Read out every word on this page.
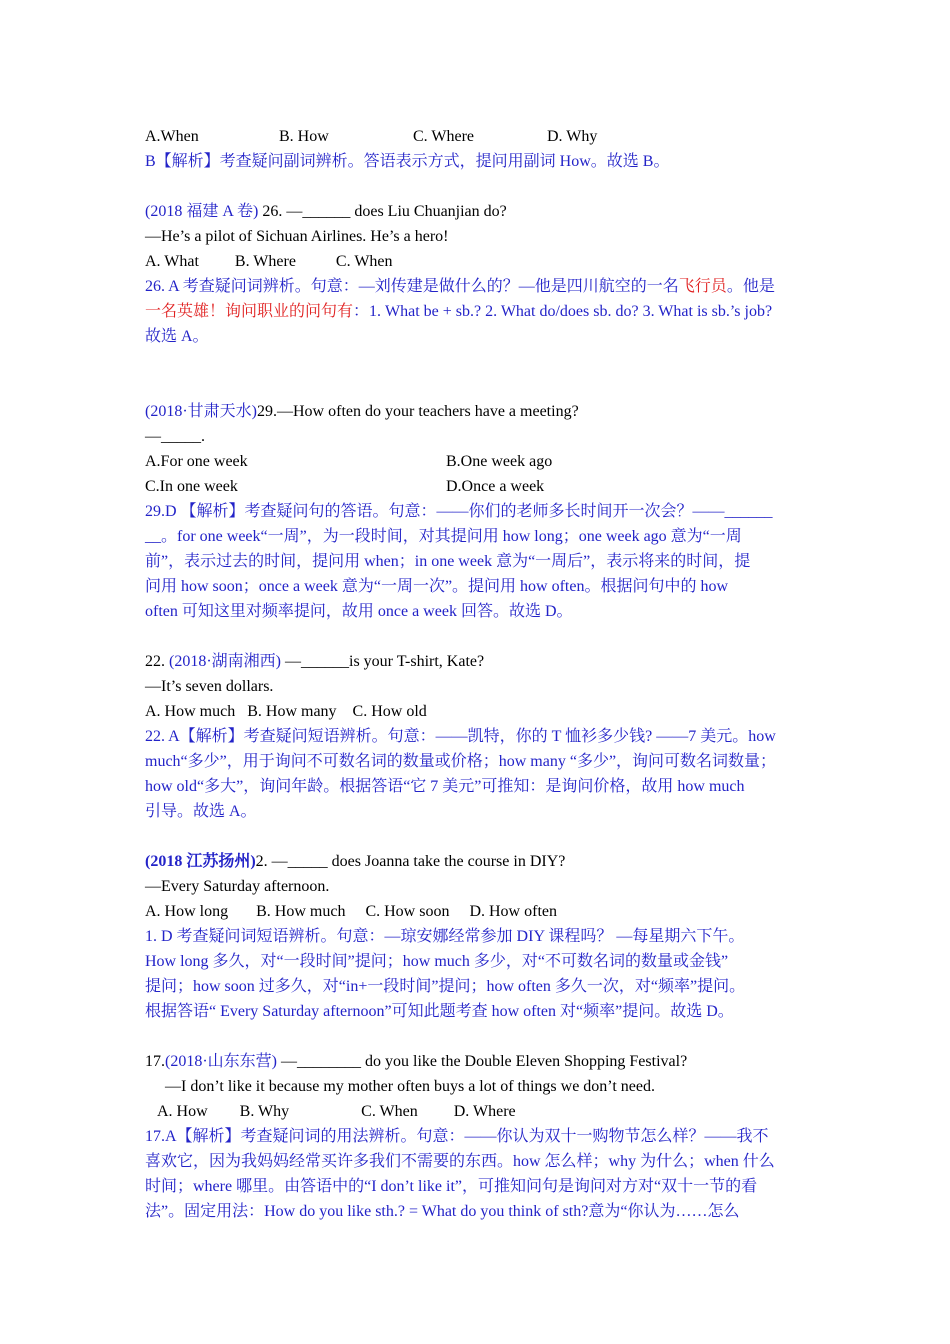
A.When	B. How	C. Where	D. Why
B【解析】考查疑问副词辨析。答语表示方式，提问用副词 How。故选 B。
(2018 福建 A 卷) 26. —______ does Liu Chuanjian do?
—He’s a pilot of Sichuan Airlines. He’s a hero!
A. What         B. Where          C. When
26. A 考查疑问词辨析。句意：—刘传建是做什么的？—他是四川航空的一名飞行员。他是
一名英雄！询问职业的问句有：1. What be + sb.? 2. What do/does sb. do? 3. What is sb.’s job?
故选 A。
(2018·甘肃天水)29.—How often do your teachers have a meeting?
—_____.
A.For one week	B.One week ago
C.In one week	D.Once a week
29.D 【解析】考查疑问句的答语。句意：——你们的老师多长时间开一次会？——______
__。for one week“一周”，为一段时间，对其提问用 how long；one week ago 意为“一周
前”，表示过去的时间，提问用 when；in one week 意为“一周后”，表示将来的时间，提
问用 how soon；once a week 意为“一周一次”。提问用 how often。根据问句中的 how
often 可知这里对频率提问，故用 once a week 回答。故选 D。
22. (2018·湖南湘西) —______is your T-shirt, Kate?
—It’s seven dollars.
A. How much   B. How many    C. How old
22. A【解析】考查疑问短语辨析。句意：——凯特，你的 T 恤衫多少钱? ——7 美元。how
much“多少”，用于询问不可数名词的数量或价格；how many “多少”，询问可数名词数量；
how old“多大”，询问年龄。根据答语“它 7 美元”可推知：是询问价格，故用 how much
引导。故选 A。
(2018 江苏扬州)2. —_____ does Joanna take the course in DIY?
—Every Saturday afternoon.
A. How long       B. How much     C. How soon     D. How often
1. D 考查疑问词短语辨析。句意：—琼安娜经常参加 DIY 课程吗？ —每星期六下午。
How long 多久，对“一段时间”提问；how much 多少，对“不可数名词的数量或金钱”
提问；how soon 过多久，对“in+一段时间”提问；how often 多久一次，对“频率”提问。
根据答语“ Every Saturday afternoon”可知此题考查 how often 对“频率”提问。故选 D。
17.(2018·山东东营) —________ do you like the Double Eleven Shopping Festival?
—I don’t like it because my mother often buys a lot of things we don’t need.
A. How        B. Why                  C. When         D. Where
17.A【解析】考查疑问词的用法辨析。句意：——你认为双十一购物节怎么样？——我不
喜欢它，因为我妈妈经常买许多我们不需要的东西。how 怎么样；why 为什么；when 什么
时间；where 哪里。由答语中的“I don’t like it”，可推知问句是询问对方对“双十一节的看
法”。固定用法：How do you like sth.? = What do you think of sth?意为“你认为……怎么
